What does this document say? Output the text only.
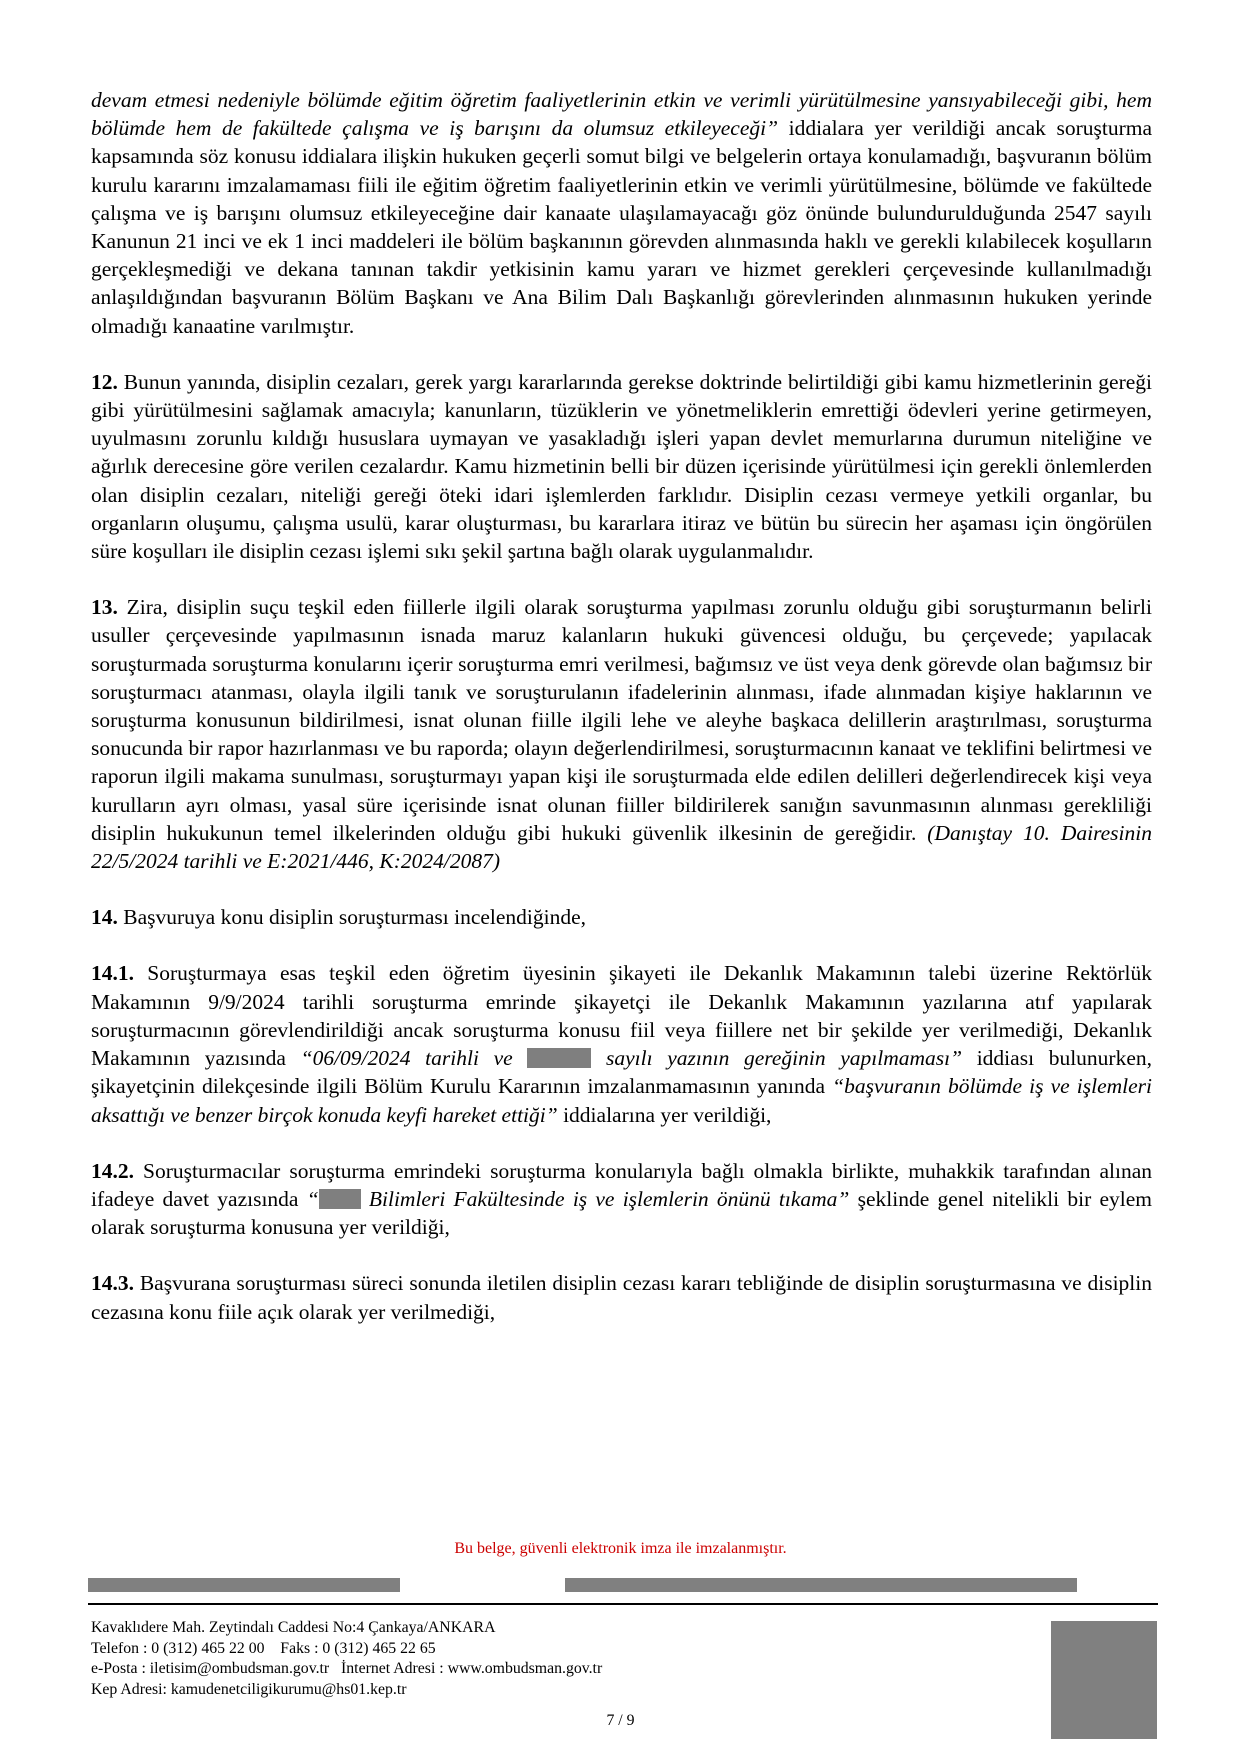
devam etmesi nedeniyle bölümde eğitim öğretim faaliyetlerinin etkin ve verimli yürütülmesine yansıyabileceği gibi, hem bölümde hem de fakültede çalışma ve iş barışını da olumsuz etkileyeceği” iddialara yer verildiği ancak soruşturma kapsamında söz konusu iddialara ilişkin hukuken geçerli somut bilgi ve belgelerin ortaya konulamadığı, başvuranın bölüm kurulu kararını imzalamaması fiili ile eğitim öğretim faaliyetlerinin etkin ve verimli yürütülmesine, bölümde ve fakültede çalışma ve iş barışını olumsuz etkileyeceğine dair kanaate ulaşılamayacağı göz önünde bulundurulduğunda 2547 sayılı Kanunun 21 inci ve ek 1 inci maddeleri ile bölüm başkanının görevden alınmasında haklı ve gerekli kılabilecek koşulların gerçekleşmediği ve dekana tanınan takdir yetkisinin kamu yararı ve hizmet gerekleri çerçevesinde kullanılmadığı anlaşıldığından başvuranın Bölüm Başkanı ve Ana Bilim Dalı Başkanlığı görevlerinden alınmasının hukuken yerinde olmadığı kanaatine varılmıştır.

12. Bunun yanında, disiplin cezaları, gerek yargı kararlarında gerekse doktrinde belirtildiği gibi kamu hizmetlerinin gereği gibi yürütülmesini sağlamak amacıyla; kanunların, tüzüklerin ve yönetmeliklerin emrettiği ödevleri yerine getirmeyen, uyulmasını zorunlu kıldığı hususlara uymayan ve yasakladığı işleri yapan devlet memurlarına durumun niteliğine ve ağırlık derecesine göre verilen cezalardır. Kamu hizmetinin belli bir düzen içerisinde yürütülmesi için gerekli önlemlerden olan disiplin cezaları, niteliği gereği öteki idari işlemlerden farklıdır. Disiplin cezası vermeye yetkili organlar, bu organların oluşumu, çalışma usulü, karar oluşturması, bu kararlara itiraz ve bütün bu sürecin her aşaması için öngörülen süre koşulları ile disiplin cezası işlemi sıkı şekil şartına bağlı olarak uygulanmalıdır.

13. Zira, disiplin suçu teşkil eden fiillerle ilgili olarak soruşturma yapılması zorunlu olduğu gibi soruşturmanın belirli usuller çerçevesinde yapılmasının isnada maruz kalanların hukuki güvencesi olduğu, bu çerçevede; yapılacak soruşturmada soruşturma konularını içerir soruşturma emri verilmesi, bağımsız ve üst veya denk görevde olan bağımsız bir soruşturmacı atanması, olayla ilgili tanık ve soruşturulanın ifadelerinin alınması, ifade alınmadan kişiye haklarının ve soruşturma konusunun bildirilmesi, isnat olunan fiille ilgili lehe ve aleyhe başkaca delillerin araştırılması, soruşturma sonucunda bir rapor hazırlanması ve bu raporda; olayın değerlendirilmesi, soruşturmacının kanaat ve teklifini belirtmesi ve raporun ilgili makama sunulması, soruşturmayı yapan kişi ile soruşturmada elde edilen delilleri değerlendirecek kişi veya kurulların ayrı olması, yasal süre içerisinde isnat olunan fiiller bildirilerek sanığın savunmasının alınması gerekliliği disiplin hukukunun temel ilkelerinden olduğu gibi hukuki güvenlik ilkesinin de gereğidir. (Danıştay 10. Dairesinin 22/5/2024 tarihli ve E:2021/446, K:2024/2087)

14. Başvuruya konu disiplin soruşturması incelendiğinde,

14.1. Soruşturmaya esas teşkil eden öğretim üyesinin şikayeti ile Dekanlık Makamının talebi üzerine Rektörlük Makamının 9/9/2024 tarihli soruşturma emrinde şikayetçi ile Dekanlık Makamının yazılarına atıf yapılarak soruşturmacının görevlendirildiği ancak soruşturma konusu fiil veya fiillere net bir şekilde yer verilmediği, Dekanlık Makamının yazısında “06/09/2024 tarihli ve	sayılı yazının gereğinin yapılmaması” iddiası bulunurken, şikayetçinin dilekçesinde ilgili Bölüm Kurulu Kararının imzalanmamasının yanında “başvuranın bölümde iş ve işlemleri aksattığı ve benzer birçok konuda keyfi hareket ettiği” iddialarına yer verildiği,

14.2. Soruşturmacılar soruşturma emrindeki soruşturma konularıyla bağlı olmakla birlikte, muhakkik tarafından alınan ifadeye davet yazısında “ Bilimleri Fakültesinde iş ve işlemlerin önünü tıkama” şeklinde genel nitelikli bir eylem olarak soruşturma konusuna yer verildiği,

14.3. Başvurana soruşturması süreci sonunda iletilen disiplin cezası kararı tebliğinde de disiplin soruşturmasına ve disiplin cezasına konu fiile açık olarak yer verilmediği,

Bu belge, güvenli elektronik imza ile imzalanmıştır.
Kavaklıdere Mah. Zeytindalı Caddesi No:4 Çankaya/ANKARA
Telefon : 0 (312) 465 22 00    Faks : 0 (312) 465 22 65
e-Posta : iletisim@ombudsman.gov.tr   İnternet Adresi : www.ombudsman.gov.tr
Kep Adresi: kamudenetciligikurumu@hs01.kep.tr
7 / 9
